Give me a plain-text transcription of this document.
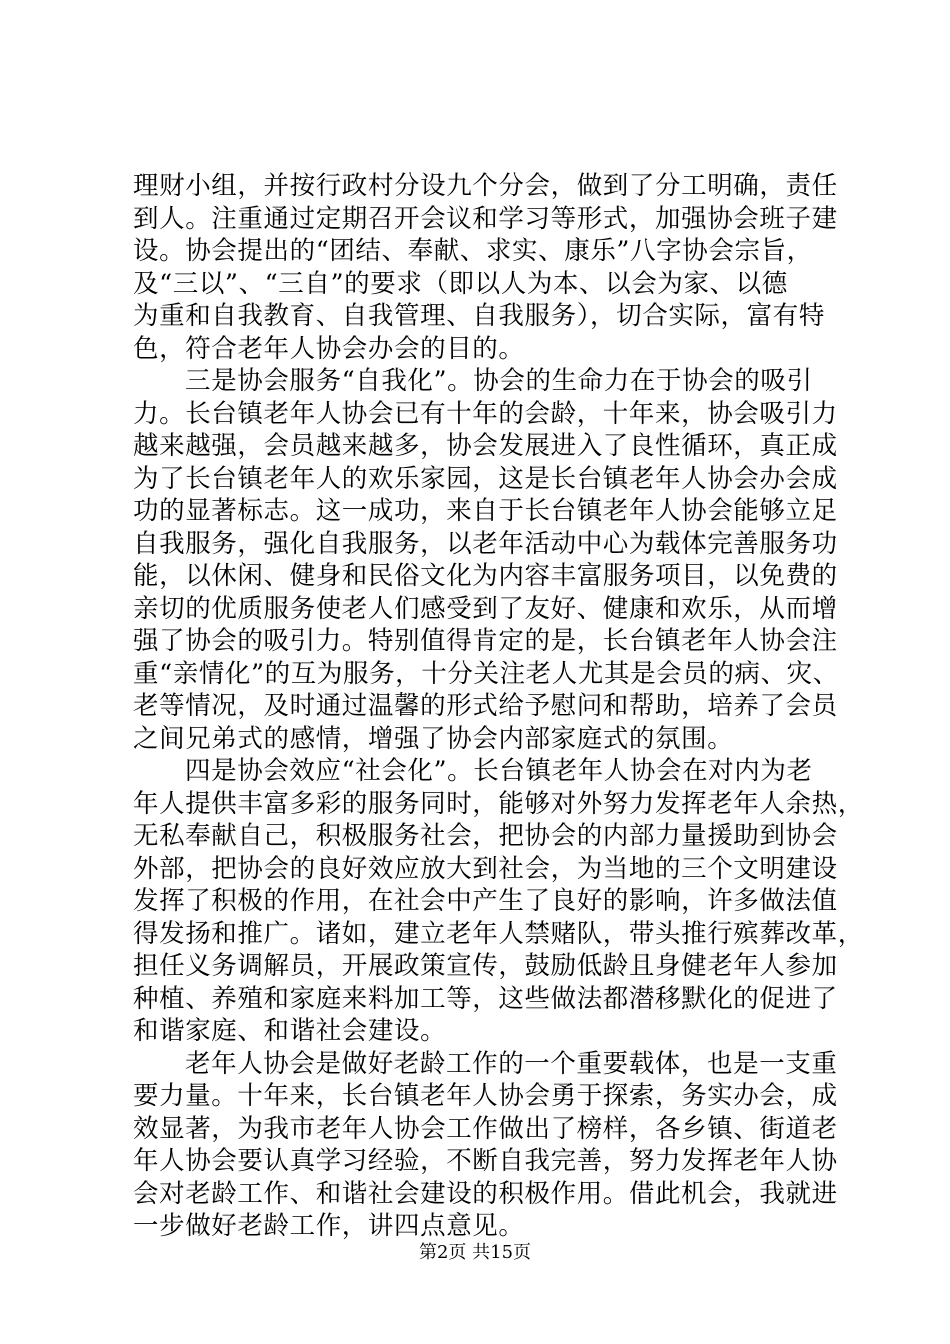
理财小组，并按行政村分设九个分会，做到了分工明确，责任
到人。注重通过定期召开会议和学习等形式，加强协会班子建
设。协会提出的“团结、奉献、求实、康乐”八字协会宗旨，
及“三以”、“三自”的要求（即以人为本、以会为家、以德
为重和自我教育、自我管理、自我服务），切合实际，富有特
色，符合老年人协会办会的目的。
三是协会服务“自我化”。协会的生命力在于协会的吸引
力。长台镇老年人协会已有十年的会龄，十年来，协会吸引力
越来越强，会员越来越多，协会发展进入了良性循环，真正成
为了长台镇老年人的欢乐家园，这是长台镇老年人协会办会成
功的显著标志。这一成功，来自于长台镇老年人协会能够立足
自我服务，强化自我服务，以老年活动中心为载体完善服务功
能，以休闲、健身和民俗文化为内容丰富服务项目，以免费的
亲切的优质服务使老人们感受到了友好、健康和欢乐，从而增
强了协会的吸引力。特别值得肯定的是，长台镇老年人协会注
重“亲情化”的互为服务，十分关注老人尤其是会员的病、灾、
老等情况，及时通过温馨的形式给予慰问和帮助，培养了会员
之间兄弟式的感情，增强了协会内部家庭式的氛围。
四是协会效应“社会化”。长台镇老年人协会在对内为老
年人提供丰富多彩的服务同时，能够对外努力发挥老年人余热，
无私奉献自己，积极服务社会，把协会的内部力量援助到协会
外部，把协会的良好效应放大到社会，为当地的三个文明建设
发挥了积极的作用，在社会中产生了良好的影响，许多做法值
得发扬和推广。诸如，建立老年人禁赌队，带头推行殡葬改革，
担任义务调解员，开展政策宣传，鼓励低龄且身健老年人参加
种植、养殖和家庭来料加工等，这些做法都潜移默化的促进了
和谐家庭、和谐社会建设。
老年人协会是做好老龄工作的一个重要载体，也是一支重
要力量。十年来，长台镇老年人协会勇于探索，务实办会，成
效显著，为我市老年人协会工作做出了榜样，各乡镇、街道老
年人协会要认真学习经验，不断自我完善，努力发挥老年人协
会对老龄工作、和谐社会建设的积极作用。借此机会，我就进
一步做好老龄工作，讲四点意见。
第2页 共15页
